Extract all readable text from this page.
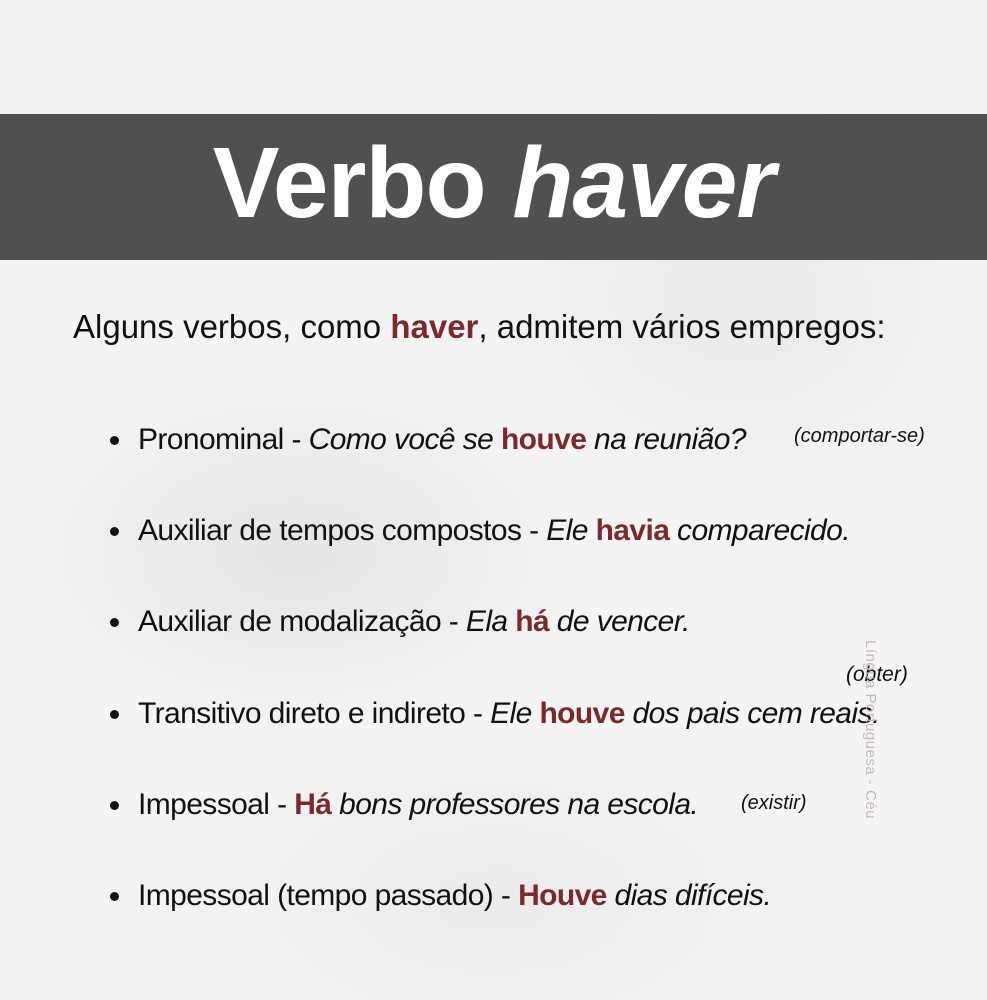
Verbo haver
Alguns verbos, como haver, admitem vários empregos:
Pronominal - Como você se houve na reunião? (comportar-se)
Auxiliar de tempos compostos - Ele havia comparecido.
Auxiliar de modalização - Ela há de vencer.
(obter)
Transitivo direto e indireto - Ele houve dos pais cem reais.
Impessoal - Há bons professores na escola. (existir)
Impessoal (tempo passado) - Houve dias difíceis.
Língua Portuguesa - Céu
